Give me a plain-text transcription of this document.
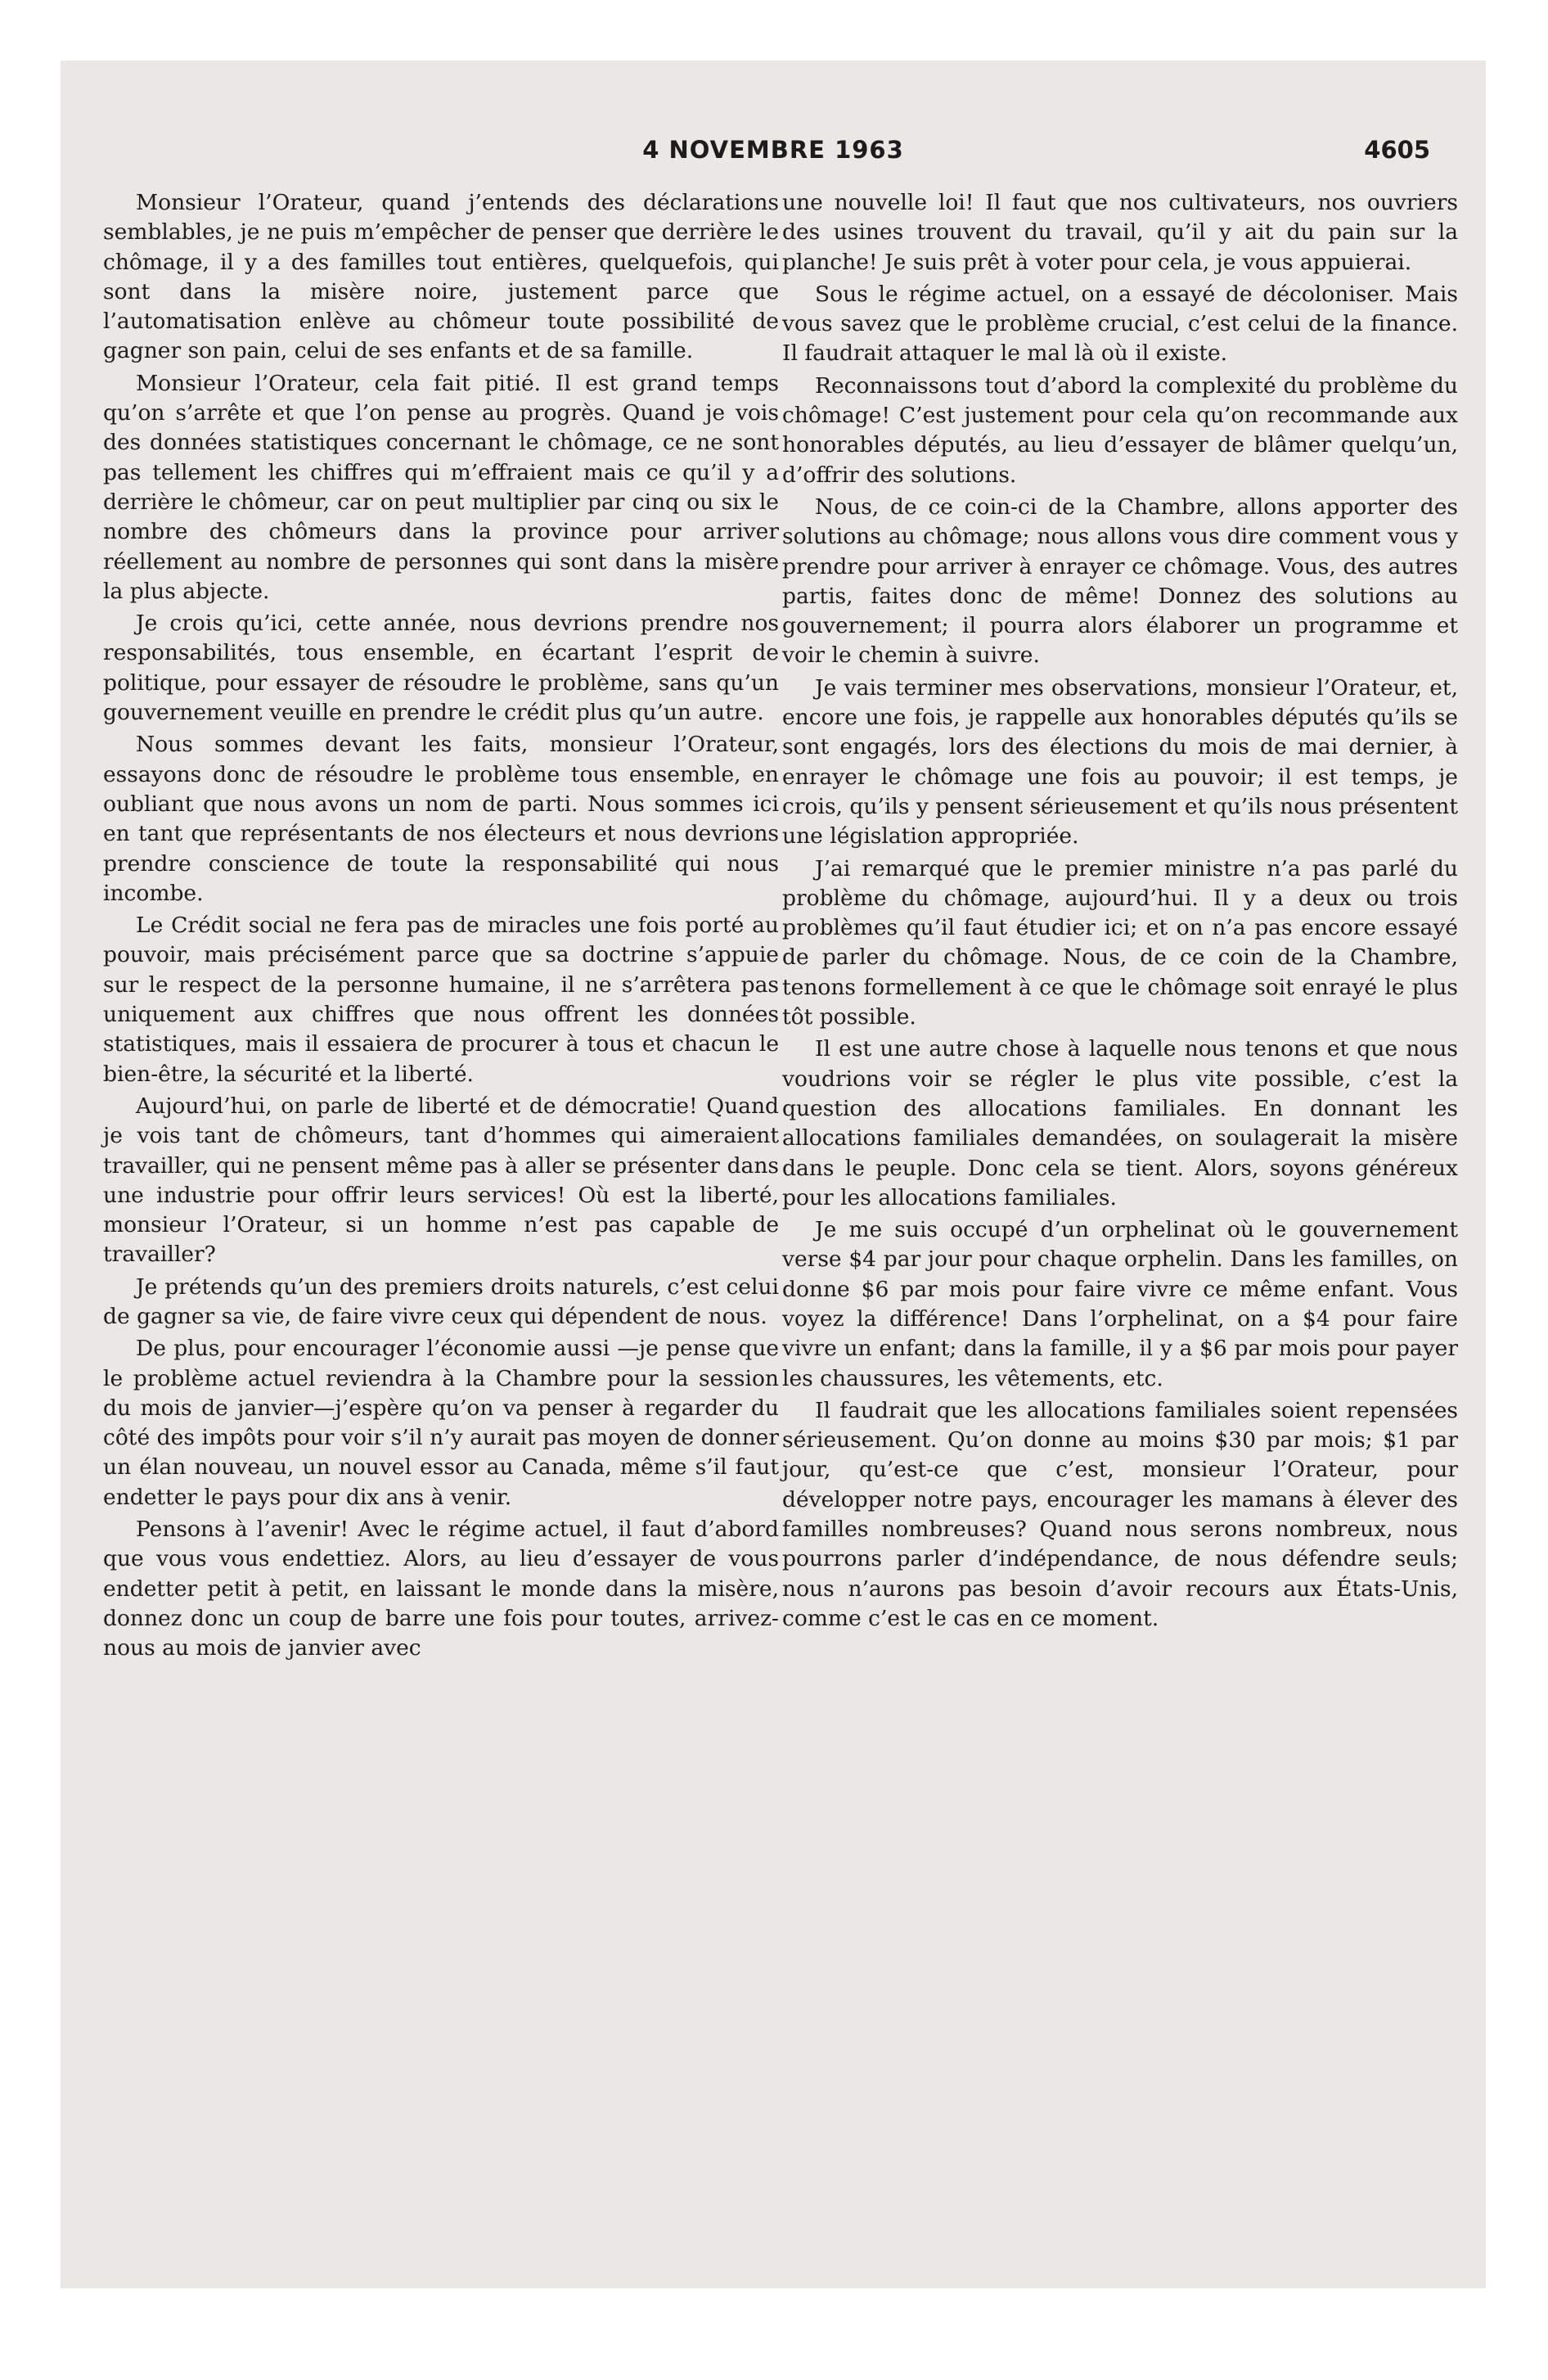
4 NOVEMBRE 1963	4605

Monsieur l’Orateur, quand j’entends des déclarations semblables, je ne puis m’empêcher de penser que derrière le chômage, il y a des familles tout entières, quelquefois, qui sont dans la misère noire, justement parce que l’automatisation enlève au chômeur toute possibilité de gagner son pain, celui de ses enfants et de sa famille.

Monsieur l’Orateur, cela fait pitié. Il est grand temps qu’on s’arrête et que l’on pense au progrès. Quand je vois des données statistiques concernant le chômage, ce ne sont pas tellement les chiffres qui m’effraient mais ce qu’il y a derrière le chômeur, car on peut multiplier par cinq ou six le nombre des chômeurs dans la province pour arriver réellement au nombre de personnes qui sont dans la misère la plus abjecte.

Je crois qu’ici, cette année, nous devrions prendre nos responsabilités, tous ensemble, en écartant l’esprit de politique, pour essayer de résoudre le problème, sans qu’un gouvernement veuille en prendre le crédit plus qu’un autre.

Nous sommes devant les faits, monsieur l’Orateur, essayons donc de résoudre le problème tous ensemble, en oubliant que nous avons un nom de parti. Nous sommes ici en tant que représentants de nos électeurs et nous devrions prendre conscience de toute la responsabilité qui nous incombe.

Le Crédit social ne fera pas de miracles une fois porté au pouvoir, mais précisément parce que sa doctrine s’appuie sur le respect de la personne humaine, il ne s’arrêtera pas uniquement aux chiffres que nous offrent les données statistiques, mais il essaiera de procurer à tous et chacun le bien-être, la sécurité et la liberté.

Aujourd’hui, on parle de liberté et de démocratie! Quand je vois tant de chômeurs, tant d’hommes qui aimeraient travailler, qui ne pensent même pas à aller se présenter dans une industrie pour offrir leurs services! Où est la liberté, monsieur l’Orateur, si un homme n’est pas capable de travailler?

Je prétends qu’un des premiers droits naturels, c’est celui de gagner sa vie, de faire vivre ceux qui dépendent de nous.

De plus, pour encourager l’économie aussi —je pense que le problème actuel reviendra à la Chambre pour la session du mois de janvier—j’espère qu’on va penser à regarder du côté des impôts pour voir s’il n’y aurait pas moyen de donner un élan nouveau, un nouvel essor au Canada, même s’il faut endetter le pays pour dix ans à venir.

Pensons à l’avenir! Avec le régime actuel, il faut d’abord que vous vous endettiez. Alors, au lieu d’essayer de vous endetter petit à petit, en laissant le monde dans la misère, donnez donc un coup de barre une fois pour toutes, arrivez-nous au mois de janvier avec

une nouvelle loi! Il faut que nos cultivateurs, nos ouvriers des usines trouvent du travail, qu’il y ait du pain sur la planche! Je suis prêt à voter pour cela, je vous appuierai.

Sous le régime actuel, on a essayé de décoloniser. Mais vous savez que le problème crucial, c’est celui de la finance. Il faudrait attaquer le mal là où il existe.

Reconnaissons tout d’abord la complexité du problème du chômage! C’est justement pour cela qu’on recommande aux honorables députés, au lieu d’essayer de blâmer quelqu’un, d’offrir des solutions.

Nous, de ce coin-ci de la Chambre, allons apporter des solutions au chômage; nous allons vous dire comment vous y prendre pour arriver à enrayer ce chômage. Vous, des autres partis, faites donc de même! Donnez des solutions au gouvernement; il pourra alors élaborer un programme et voir le chemin à suivre.

Je vais terminer mes observations, monsieur l’Orateur, et, encore une fois, je rappelle aux honorables députés qu’ils se sont engagés, lors des élections du mois de mai dernier, à enrayer le chômage une fois au pouvoir; il est temps, je crois, qu’ils y pensent sérieusement et qu’ils nous présentent une législation appropriée.

J’ai remarqué que le premier ministre n’a pas parlé du problème du chômage, aujourd’hui. Il y a deux ou trois problèmes qu’il faut étudier ici; et on n’a pas encore essayé de parler du chômage. Nous, de ce coin de la Chambre, tenons formellement à ce que le chômage soit enrayé le plus tôt possible.

Il est une autre chose à laquelle nous tenons et que nous voudrions voir se régler le plus vite possible, c’est la question des allocations familiales. En donnant les allocations familiales demandées, on soulagerait la misère dans le peuple. Donc cela se tient. Alors, soyons généreux pour les allocations familiales.

Je me suis occupé d’un orphelinat où le gouvernement verse $4 par jour pour chaque orphelin. Dans les familles, on donne $6 par mois pour faire vivre ce même enfant. Vous voyez la différence! Dans l’orphelinat, on a $4 pour faire vivre un enfant; dans la famille, il y a $6 par mois pour payer les chaussures, les vêtements, etc.

Il faudrait que les allocations familiales soient repensées sérieusement. Qu’on donne au moins $30 par mois; $1 par jour, qu’est-ce que c’est, monsieur l’Orateur, pour développer notre pays, encourager les mamans à élever des familles nombreuses? Quand nous serons nombreux, nous pourrons parler d’indépendance, de nous défendre seuls; nous n’aurons pas besoin d’avoir recours aux États-Unis, comme c’est le cas en ce moment.
